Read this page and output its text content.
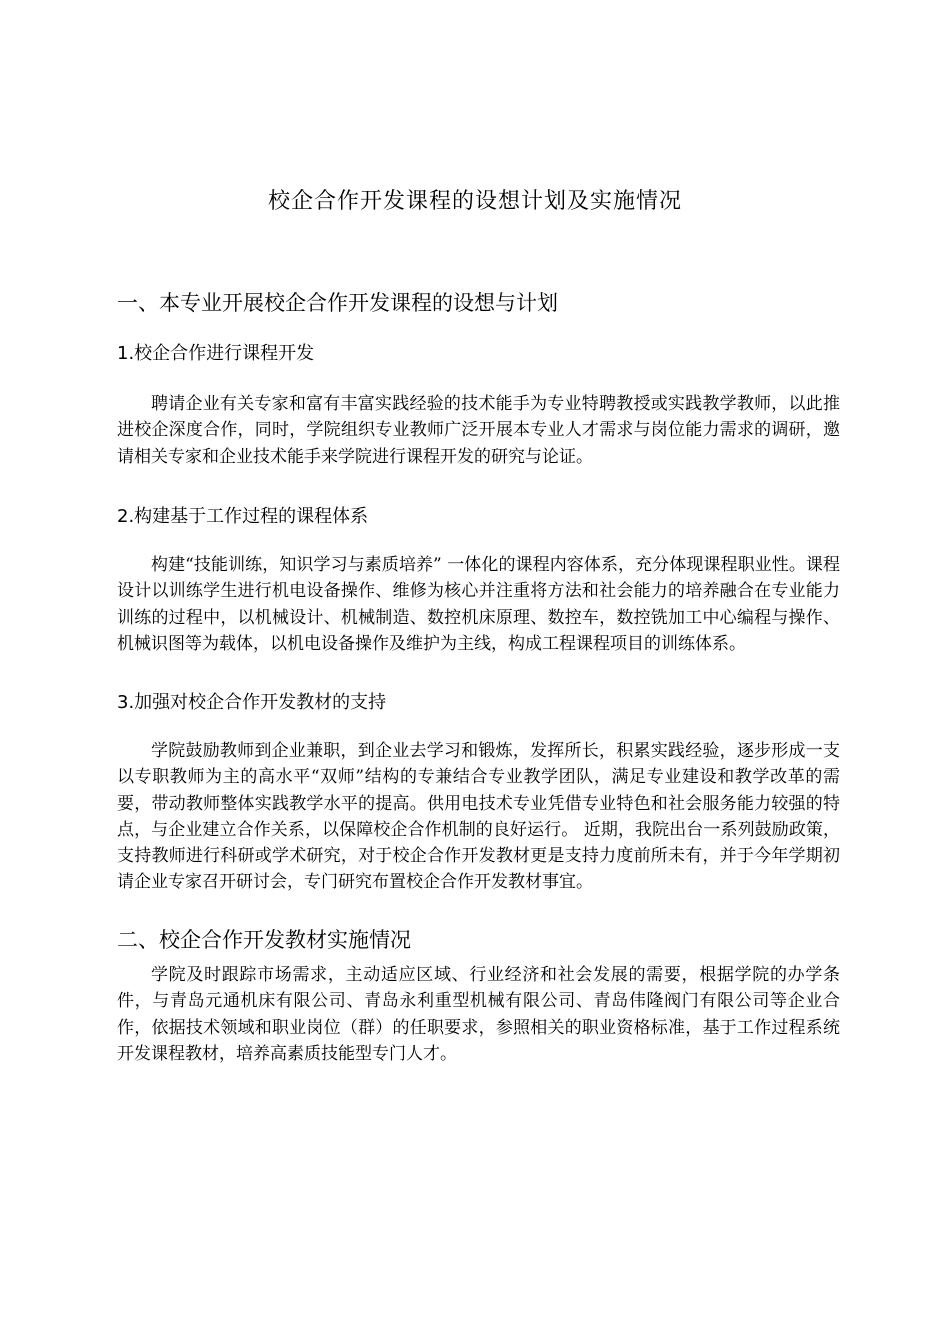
校企合作开发课程的设想计划及实施情况
一、本专业开展校企合作开发课程的设想与计划
1.校企合作进行课程开发

聘请企业有关专家和富有丰富实践经验的技术能手为专业特聘教授或实践教学教师，以此推进校企深度合作，同时，学院组织专业教师广泛开展本专业人才需求与岗位能力需求的调研，邀请相关专家和企业技术能手来学院进行课程开发的研究与论证。

2.构建基于工作过程的课程体系

构建“技能训练，知识学习与素质培养” 一体化的课程内容体系，充分体现课程职业性。课程设计以训练学生进行机电设备操作、维修为核心并注重将方法和社会能力的培养融合在专业能力训练的过程中，以机械设计、机械制造、数控机床原理、数控车，数控铣加工中心编程与操作、机械识图等为载体，以机电设备操作及维护为主线，构成工程课程项目的训练体系。

3.加强对校企合作开发教材的支持

学院鼓励教师到企业兼职，到企业去学习和锻炼，发挥所长，积累实践经验，逐步形成一支以专职教师为主的高水平“双师”结构的专兼结合专业教学团队，满足专业建设和教学改革的需要，带动教师整体实践教学水平的提高。供用电技术专业凭借专业特色和社会服务能力较强的特点，与企业建立合作关系，以保障校企合作机制的良好运行。 近期，我院出台一系列鼓励政策，支持教师进行科研或学术研究，对于校企合作开发教材更是支持力度前所未有，并于今年学期初请企业专家召开研讨会，专门研究布置校企合作开发教材事宜。

二、校企合作开发教材实施情况

学院及时跟踪市场需求，主动适应区域、行业经济和社会发展的需要，根据学院的办学条件，与青岛元通机床有限公司、青岛永利重型机械有限公司、青岛伟隆阀门有限公司等企业合作，依据技术领域和职业岗位（群）的任职要求，参照相关的职业资格标准，基于工作过程系统开发课程教材，培养高素质技能型专门人才。
